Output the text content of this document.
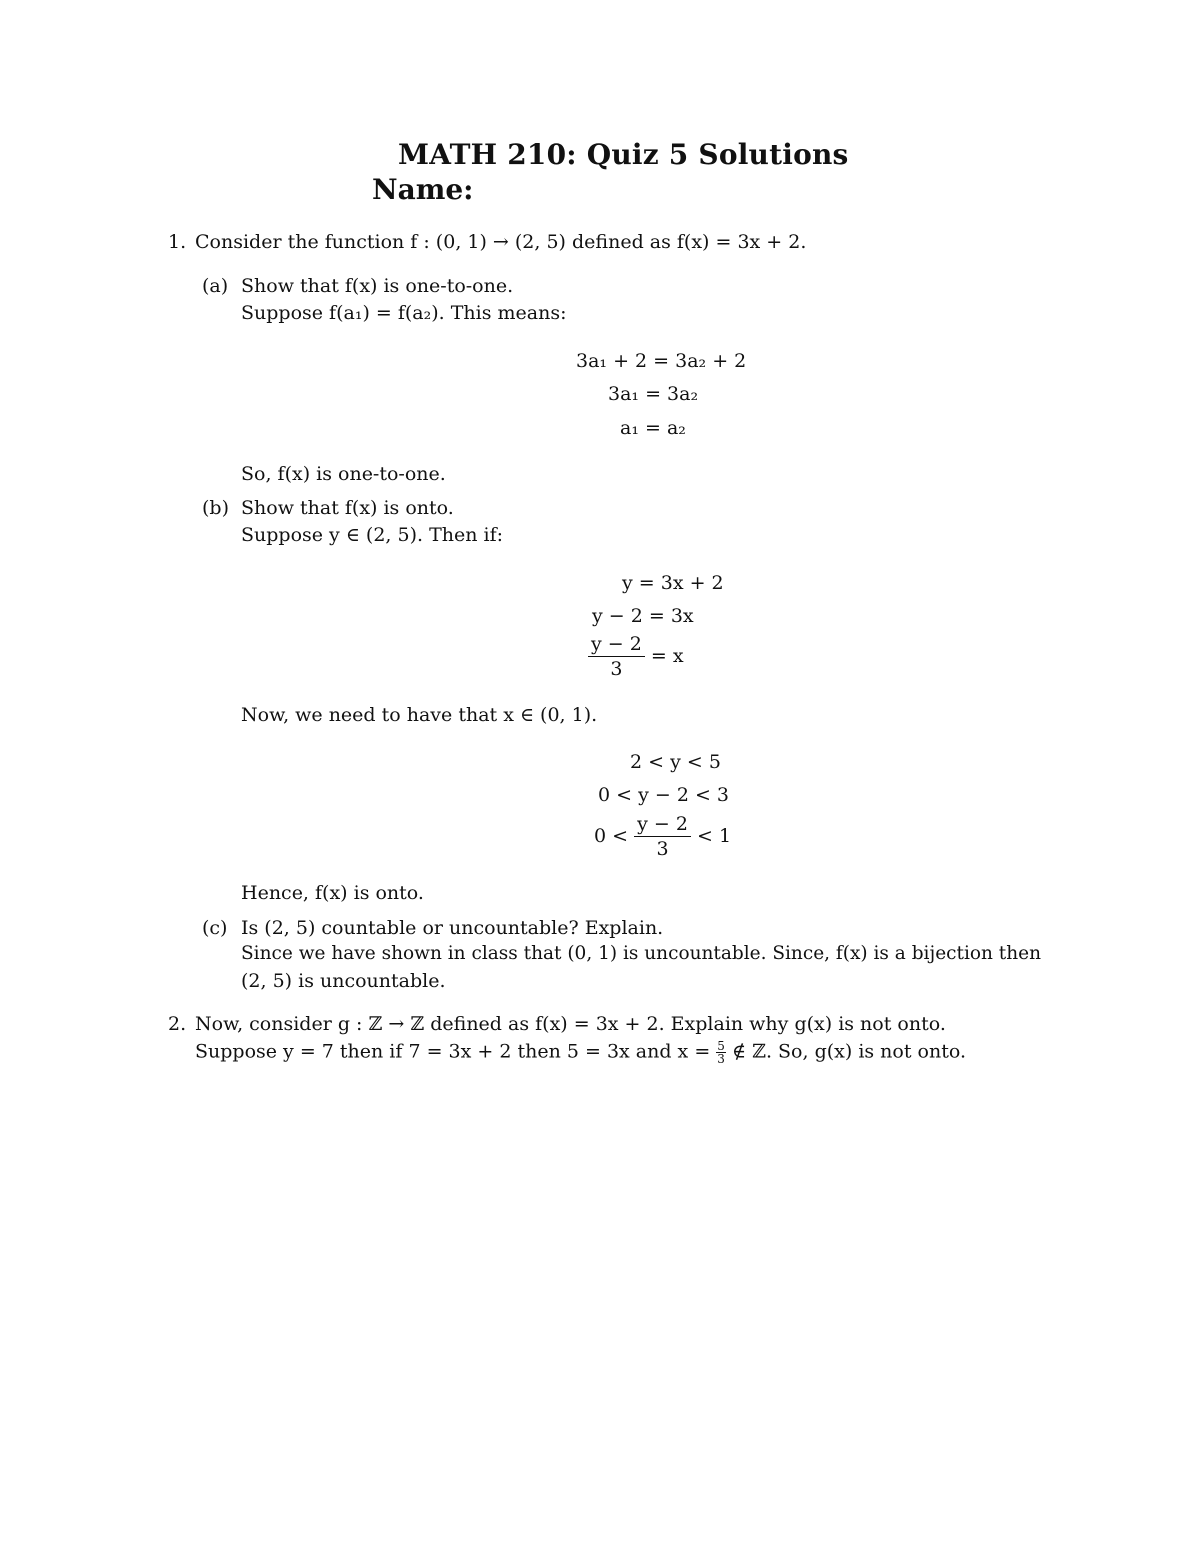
MATH 210: Quiz 5 Solutions
Name:
1. Consider the function f : (0, 1) → (2, 5) defined as f(x) = 3x + 2.
(a) Show that f(x) is one-to-one.
Suppose f(a₁) = f(a₂). This means:
3a₁ + 2 = 3a₂ + 2
3a₁ = 3a₂
a₁ = a₂
So, f(x) is one-to-one.
(b) Show that f(x) is onto.
Suppose y ∈ (2, 5). Then if:
y = 3x + 2
y − 2 = 3x
$\frac{y - 2}{3} = x$
Now, we need to have that x ∈ (0, 1).
2 < y < 5
0 < y − 2 < 3
$0 < \frac{y - 2}{3} < 1$
Hence, f(x) is onto.
(c) Is (2, 5) countable or uncountable? Explain.
Since we have shown in class that (0, 1) is uncountable. Since, f(x) is a bijection then
(2, 5) is uncountable.
2. Now, consider g : ℤ → ℤ defined as f(x) = 3x + 2. Explain why g(x) is not onto.
Suppose y = 7 then if 7 = 3x + 2 then 5 = 3x and $x = \frac{5}{3}$ ∉ ℤ. So, g(x) is not onto.
